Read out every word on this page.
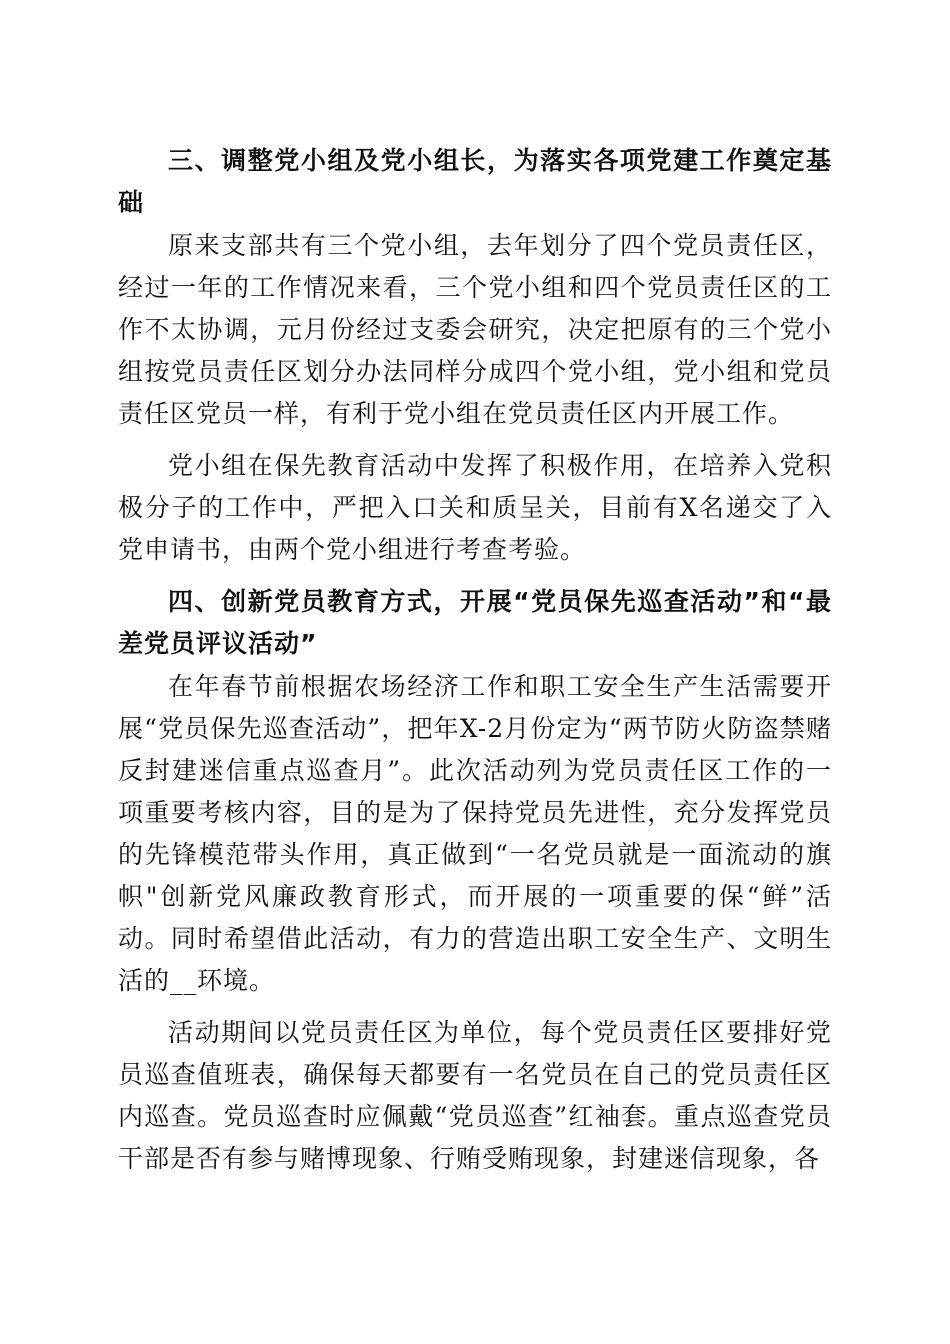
三、调整党小组及党小组长，为落实各项党建工作奠定基础

原来支部共有三个党小组，去年划分了四个党员责任区，经过一年的工作情况来看，三个党小组和四个党员责任区的工作不太协调，元月份经过支委会研究，决定把原有的三个党小组按党员责任区划分办法同样分成四个党小组，党小组和党员责任区党员一样，有利于党小组在党员责任区内开展工作。

党小组在保先教育活动中发挥了积极作用，在培养入党积极分子的工作中，严把入口关和质呈关，目前有X名递交了入党申请书，由两个党小组进行考查考验。

四、创新党员教育方式，开展“党员保先巡查活动”和“最差党员评议活动”

在年春节前根据农场经济工作和职工安全生产生活需要开展“党员保先巡查活动”，把年X-2月份定为“两节防火防盗禁赌反封建迷信重点巡查月”。此次活动列为党员责任区工作的一项重要考核内容，目的是为了保持党员先进性，充分发挥党员的先锋模范带头作用，真正做到“一名党员就是一面流动的旗帜"创新党风廉政教育形式，而开展的一项重要的保“鲜”活动。同时希望借此活动，有力的营造出职工安全生产、文明生活的__环境。

活动期间以党员责任区为单位，每个党员责任区要排好党员巡查值班表，确保每天都要有一名党员在自己的党员责任区内巡查。党员巡查时应佩戴“党员巡查”红袖套。重点巡查党员干部是否有参与赌博现象、行贿受贿现象，封建迷信现象，各
